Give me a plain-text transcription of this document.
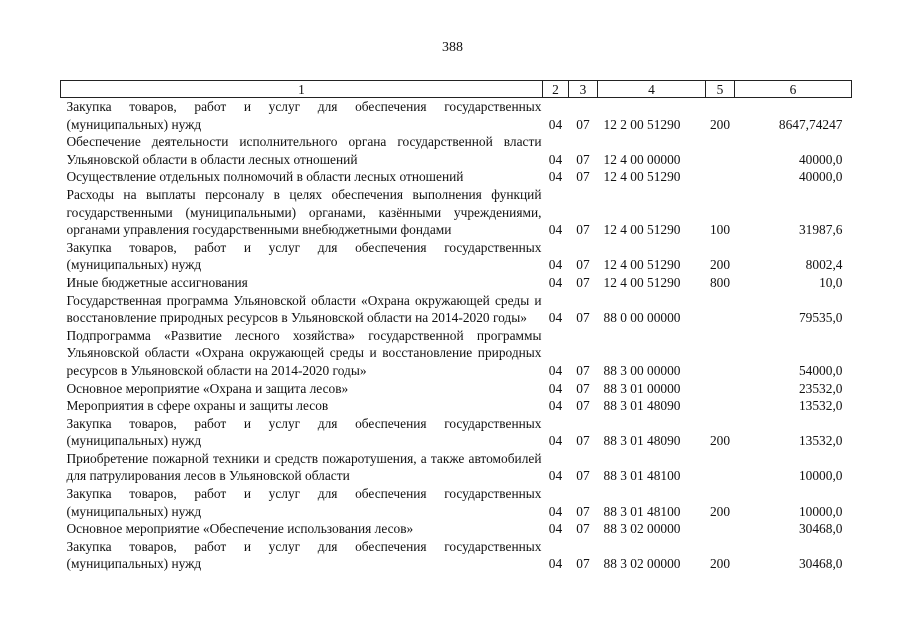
388
1	2	3	4	5	6
Закупка товаров, работ и услуг для обеспечения государственных (муниципальных) нужд	04	07	12 2 00 51290	200	8647,74247
Обеспечение деятельности исполнительного органа государственной власти Ульяновской области в области лесных отношений	04	07	12 4 00 00000		40000,0
Осуществление отдельных полномочий в области лесных отношений	04	07	12 4 00 51290		40000,0
Расходы на выплаты персоналу в целях обеспечения выполнения функций государственными (муниципальными) органами, казёнными учреждениями, органами управления государственными внебюджетными фондами	04	07	12 4 00 51290	100	31987,6
Закупка товаров, работ и услуг для обеспечения государственных (муниципальных) нужд	04	07	12 4 00 51290	200	8002,4
Иные бюджетные ассигнования	04	07	12 4 00 51290	800	10,0
Государственная программа Ульяновской области «Охрана окружающей среды и восстановление природных ресурсов в Ульяновской области на 2014-2020 годы»	04	07	88 0 00 00000		79535,0
Подпрограмма «Развитие лесного хозяйства» государственной программы Ульяновской области «Охрана окружающей среды и восстановление природных ресурсов в Ульяновской области на 2014-2020 годы»	04	07	88 3 00 00000		54000,0
Основное мероприятие «Охрана и защита лесов»	04	07	88 3 01 00000		23532,0
Мероприятия в сфере охраны и защиты лесов	04	07	88 3 01 48090		13532,0
Закупка товаров, работ и услуг для обеспечения государственных (муниципальных) нужд	04	07	88 3 01 48090	200	13532,0
Приобретение пожарной техники и средств пожаротушения, а также автомобилей для патрулирования лесов в Ульяновской области	04	07	88 3 01 48100		10000,0
Закупка товаров, работ и услуг для обеспечения государственных (муниципальных) нужд	04	07	88 3 01 48100	200	10000,0
Основное мероприятие «Обеспечение использования лесов»	04	07	88 3 02 00000		30468,0
Закупка товаров, работ и услуг для обеспечения государственных (муниципальных) нужд	04	07	88 3 02 00000	200	30468,0
